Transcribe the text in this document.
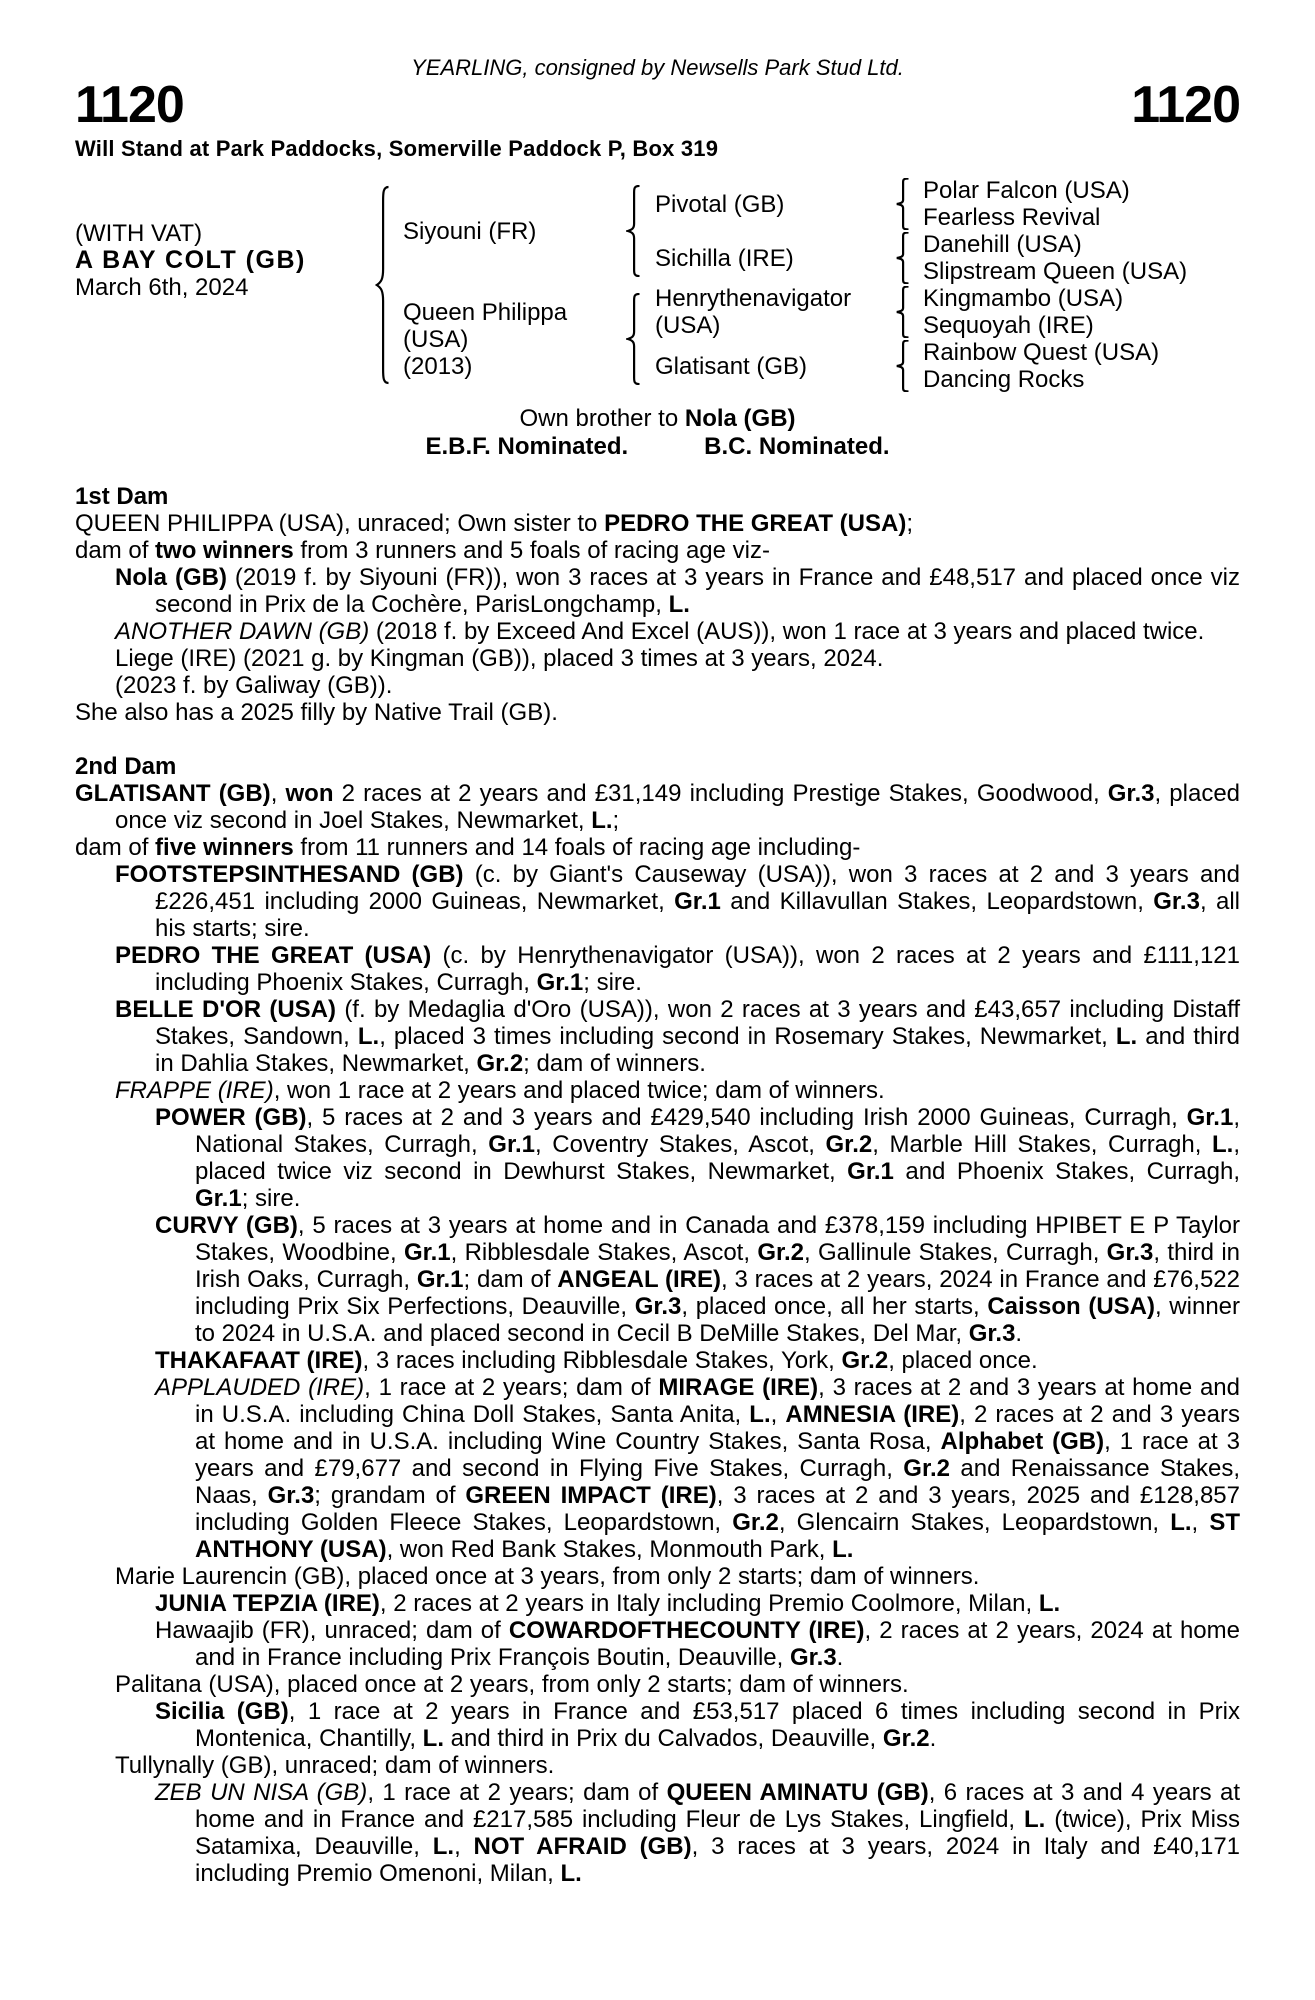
YEARLING, consigned by Newsells Park Stud Ltd.
1120	1120
Will Stand at Park Paddocks, Somerville Paddock P, Box 319
(WITH VAT)
A BAY COLT (GB)
March 6th, 2024
Siyouni (FR)
Queen Philippa
(USA)
(2013)
Pivotal (GB)
Sichilla (IRE)
Henrythenavigator
(USA)
Glatisant (GB)
Polar Falcon (USA)
Fearless Revival
Danehill (USA)
Slipstream Queen (USA)
Kingmambo (USA)
Sequoyah (IRE)
Rainbow Quest (USA)
Dancing Rocks
Own brother to Nola (GB)
E.B.F. Nominated.	B.C. Nominated.
1st Dam

QUEEN PHILIPPA (USA), unraced; Own sister to PEDRO THE GREAT (USA);

dam of two winners from 3 runners and 5 foals of racing age viz-

Nola (GB) (2019 f. by Siyouni (FR)), won 3 races at 3 years in France and £48,517 and placed once viz second in Prix de la Cochère, ParisLongchamp, L.

ANOTHER DAWN (GB) (2018 f. by Exceed And Excel (AUS)), won 1 race at 3 years and placed twice.

Liege (IRE) (2021 g. by Kingman (GB)), placed 3 times at 3 years, 2024.

(2023 f. by Galiway (GB)).

She also has a 2025 filly by Native Trail (GB).

2nd Dam

GLATISANT (GB), won 2 races at 2 years and £31,149 including Prestige Stakes, Goodwood, Gr.3, placed once viz second in Joel Stakes, Newmarket, L.;

dam of five winners from 11 runners and 14 foals of racing age including-

FOOTSTEPSINTHESAND (GB) (c. by Giant's Causeway (USA)), won 3 races at 2 and 3 years and £226,451 including 2000 Guineas, Newmarket, Gr.1 and Killavullan Stakes, Leopardstown, Gr.3, all his starts; sire.

PEDRO THE GREAT (USA) (c. by Henrythenavigator (USA)), won 2 races at 2 years and £111,121 including Phoenix Stakes, Curragh, Gr.1; sire.

BELLE D'OR (USA) (f. by Medaglia d'Oro (USA)), won 2 races at 3 years and £43,657 including Distaff Stakes, Sandown, L., placed 3 times including second in Rosemary Stakes, Newmarket, L. and third in Dahlia Stakes, Newmarket, Gr.2; dam of winners.

FRAPPE (IRE), won 1 race at 2 years and placed twice; dam of winners.

POWER (GB), 5 races at 2 and 3 years and £429,540 including Irish 2000 Guineas, Curragh, Gr.1, National Stakes, Curragh, Gr.1, Coventry Stakes, Ascot, Gr.2, Marble Hill Stakes, Curragh, L., placed twice viz second in Dewhurst Stakes, Newmarket, Gr.1 and Phoenix Stakes, Curragh, Gr.1; sire.

CURVY (GB), 5 races at 3 years at home and in Canada and £378,159 including HPIBET E P Taylor Stakes, Woodbine, Gr.1, Ribblesdale Stakes, Ascot, Gr.2, Gallinule Stakes, Curragh, Gr.3, third in Irish Oaks, Curragh, Gr.1; dam of ANGEAL (IRE), 3 races at 2 years, 2024 in France and £76,522 including Prix Six Perfections, Deauville, Gr.3, placed once, all her starts, Caisson (USA), winner to 2024 in U.S.A. and placed second in Cecil B DeMille Stakes, Del Mar, Gr.3.

THAKAFAAT (IRE), 3 races including Ribblesdale Stakes, York, Gr.2, placed once.

APPLAUDED (IRE), 1 race at 2 years; dam of MIRAGE (IRE), 3 races at 2 and 3 years at home and in U.S.A. including China Doll Stakes, Santa Anita, L., AMNESIA (IRE), 2 races at 2 and 3 years at home and in U.S.A. including Wine Country Stakes, Santa Rosa, Alphabet (GB), 1 race at 3 years and £79,677 and second in Flying Five Stakes, Curragh, Gr.2 and Renaissance Stakes, Naas, Gr.3; grandam of GREEN IMPACT (IRE), 3 races at 2 and 3 years, 2025 and £128,857 including Golden Fleece Stakes, Leopardstown, Gr.2, Glencairn Stakes, Leopardstown, L., ST ANTHONY (USA), won Red Bank Stakes, Monmouth Park, L.

Marie Laurencin (GB), placed once at 3 years, from only 2 starts; dam of winners.

JUNIA TEPZIA (IRE), 2 races at 2 years in Italy including Premio Coolmore, Milan, L.

Hawaajib (FR), unraced; dam of COWARDOFTHECOUNTY (IRE), 2 races at 2 years, 2024 at home and in France including Prix François Boutin, Deauville, Gr.3.

Palitana (USA), placed once at 2 years, from only 2 starts; dam of winners.

Sicilia (GB), 1 race at 2 years in France and £53,517 placed 6 times including second in Prix Montenica, Chantilly, L. and third in Prix du Calvados, Deauville, Gr.2.

Tullynally (GB), unraced; dam of winners.

ZEB UN NISA (GB), 1 race at 2 years; dam of QUEEN AMINATU (GB), 6 races at 3 and 4 years at home and in France and £217,585 including Fleur de Lys Stakes, Lingfield, L. (twice), Prix Miss Satamixa, Deauville, L., NOT AFRAID (GB), 3 races at 3 years, 2024 in Italy and £40,171 including Premio Omenoni, Milan, L.
